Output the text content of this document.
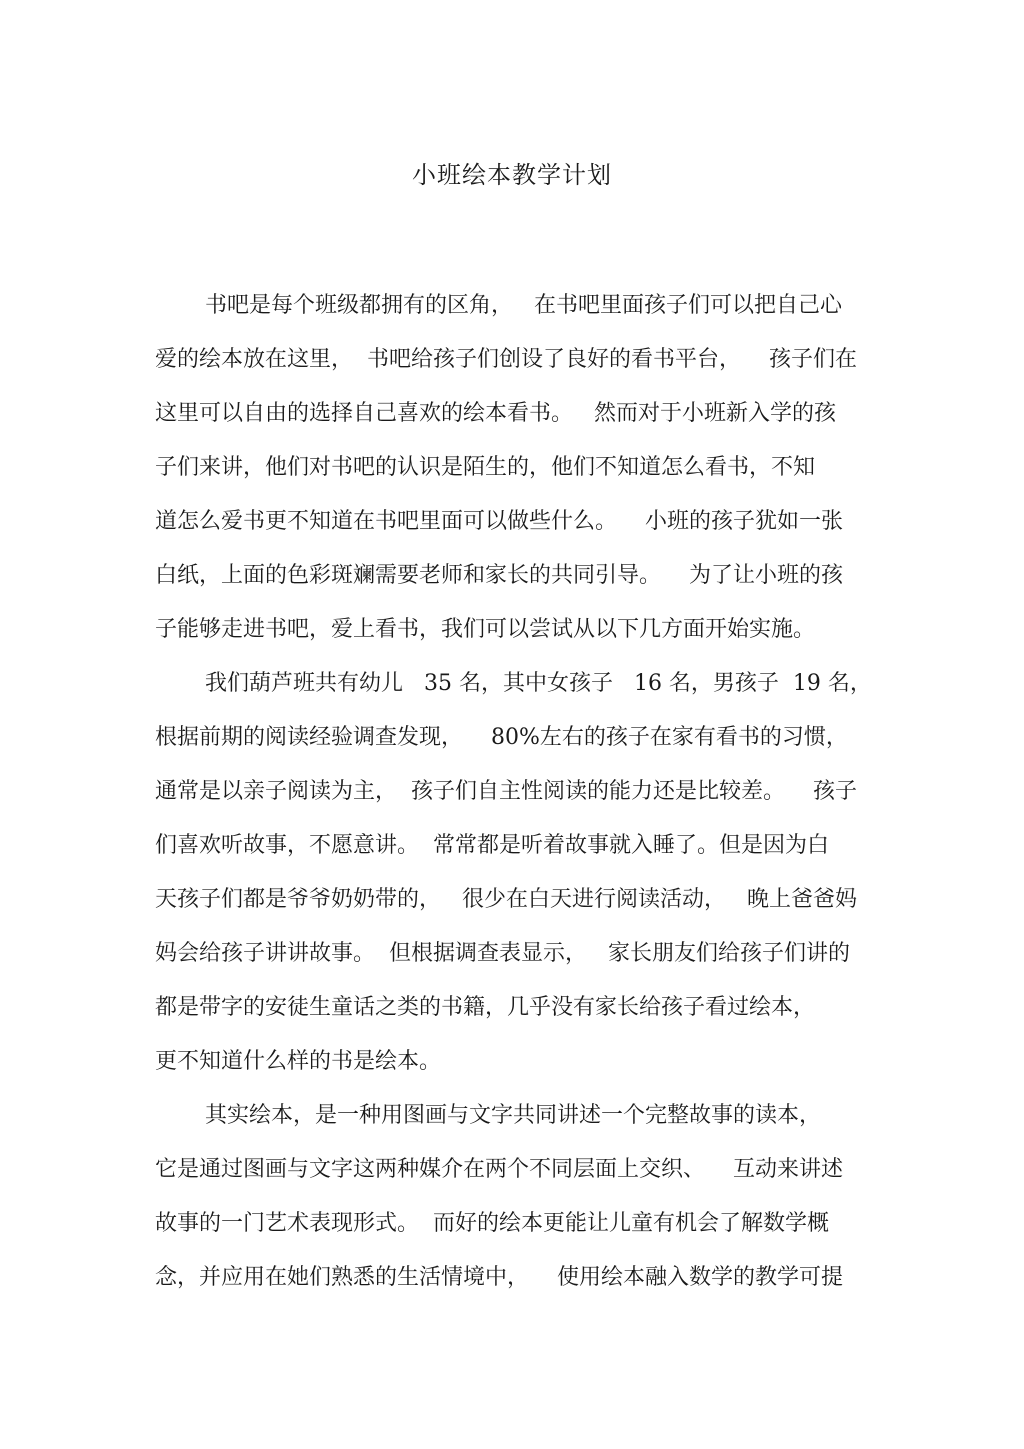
小班绘本教学计划

书吧是每个班级都拥有的区角，   在书吧里面孩子们可以把自己心

爱的绘本放在这里，  书吧给孩子们创设了良好的看书平台，    孩子们在

这里可以自由的选择自己喜欢的绘本看书。   然而对于小班新入学的孩

子们来讲，他们对书吧的认识是陌生的，他们不知道怎么看书，不知

道怎么爱书更不知道在书吧里面可以做些什么。    小班的孩子犹如一张

白纸，上面的色彩斑斓需要老师和家长的共同引导。    为了让小班的孩

子能够走进书吧，爱上看书，我们可以尝试从以下几方面开始实施。

我们葫芦班共有幼儿   35 名，其中女孩子   16 名，男孩子  19 名，

根据前期的阅读经验调查发现，    80%左右的孩子在家有看书的习惯，

通常是以亲子阅读为主，  孩子们自主性阅读的能力还是比较差。    孩子

们喜欢听故事，不愿意讲。  常常都是听着故事就入睡了。但是因为白

天孩子们都是爷爷奶奶带的，   很少在白天进行阅读活动，   晚上爸爸妈

妈会给孩子讲讲故事。  但根据调查表显示，   家长朋友们给孩子们讲的

都是带字的安徒生童话之类的书籍，几乎没有家长给孩子看过绘本，

更不知道什么样的书是绘本。

其实绘本，是一种用图画与文字共同讲述一个完整故事的读本，

它是通过图画与文字这两种媒介在两个不同层面上交织、    互动来讲述

故事的一门艺术表现形式。  而好的绘本更能让儿童有机会了解数学概

念，并应用在她们熟悉的生活情境中，    使用绘本融入数学的教学可提
